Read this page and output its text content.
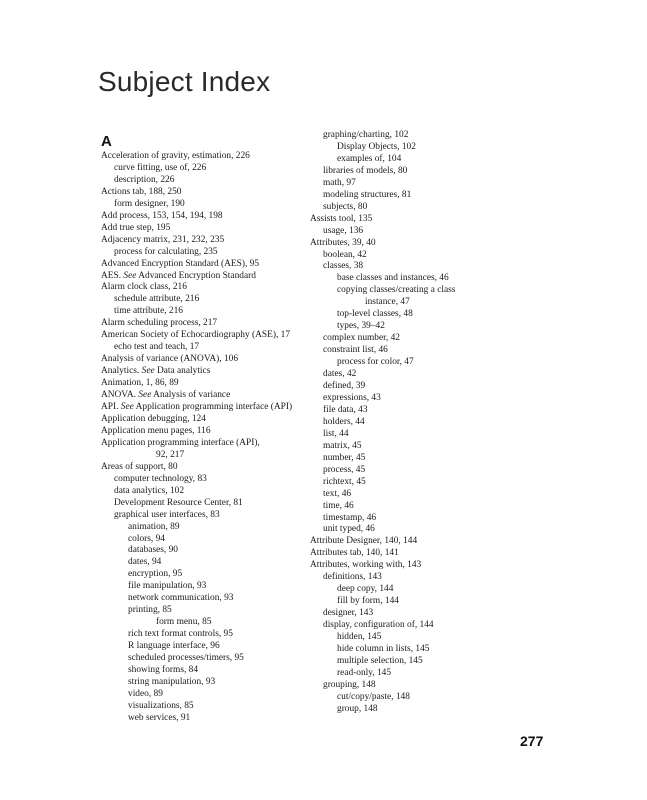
Subject Index
A
Acceleration of gravity, estimation, 226
curve fitting, use of, 226
description, 226
Actions tab, 188, 250
form designer, 190
Add process, 153, 154, 194, 198
Add true step, 195
Adjacency matrix, 231, 232, 235
process for calculating, 235
Advanced Encryption Standard (AES), 95
AES. See Advanced Encryption Standard
Alarm clock class, 216
schedule attribute, 216
time attribute, 216
Alarm scheduling process, 217
American Society of Echocardiography (ASE), 17
echo test and teach, 17
Analysis of variance (ANOVA), 106
Analytics. See Data analytics
Animation, 1, 86, 89
ANOVA. See Analysis of variance
API. See Application programming interface (API)
Application debugging, 124
Application menu pages, 116
Application programming interface (API),
92, 217
Areas of support, 80
computer technology, 83
data analytics, 102
Development Resource Center, 81
graphical user interfaces, 83
animation, 89
colors, 94
databases, 90
dates, 94
encryption, 95
file manipulation, 93
network communication, 93
printing, 85
form menu, 85
rich text format controls, 95
R language interface, 96
scheduled processes/timers, 95
showing forms, 84
string manipulation, 93
video, 89
visualizations, 85
web services, 91
graphing/charting, 102
Display Objects, 102
examples of, 104
libraries of models, 80
math, 97
modeling structures, 81
subjects, 80
Assists tool, 135
usage, 136
Attributes, 39, 40
boolean, 42
classes, 38
base classes and instances, 46
copying classes/creating a class
instance, 47
top-level classes, 48
types, 39–42
complex number, 42
constraint list, 46
process for color, 47
dates, 42
defined, 39
expressions, 43
file data, 43
holders, 44
list, 44
matrix, 45
number, 45
process, 45
richtext, 45
text, 46
time, 46
timestamp, 46
unit typed, 46
Attribute Designer, 140, 144
Attributes tab, 140, 141
Attributes, working with, 143
definitions, 143
deep copy, 144
fill by form, 144
designer, 143
display, configuration of, 144
hidden, 145
hide column in lists, 145
multiple selection, 145
read-only, 145
grouping, 148
cut/copy/paste, 148
group, 148
277
